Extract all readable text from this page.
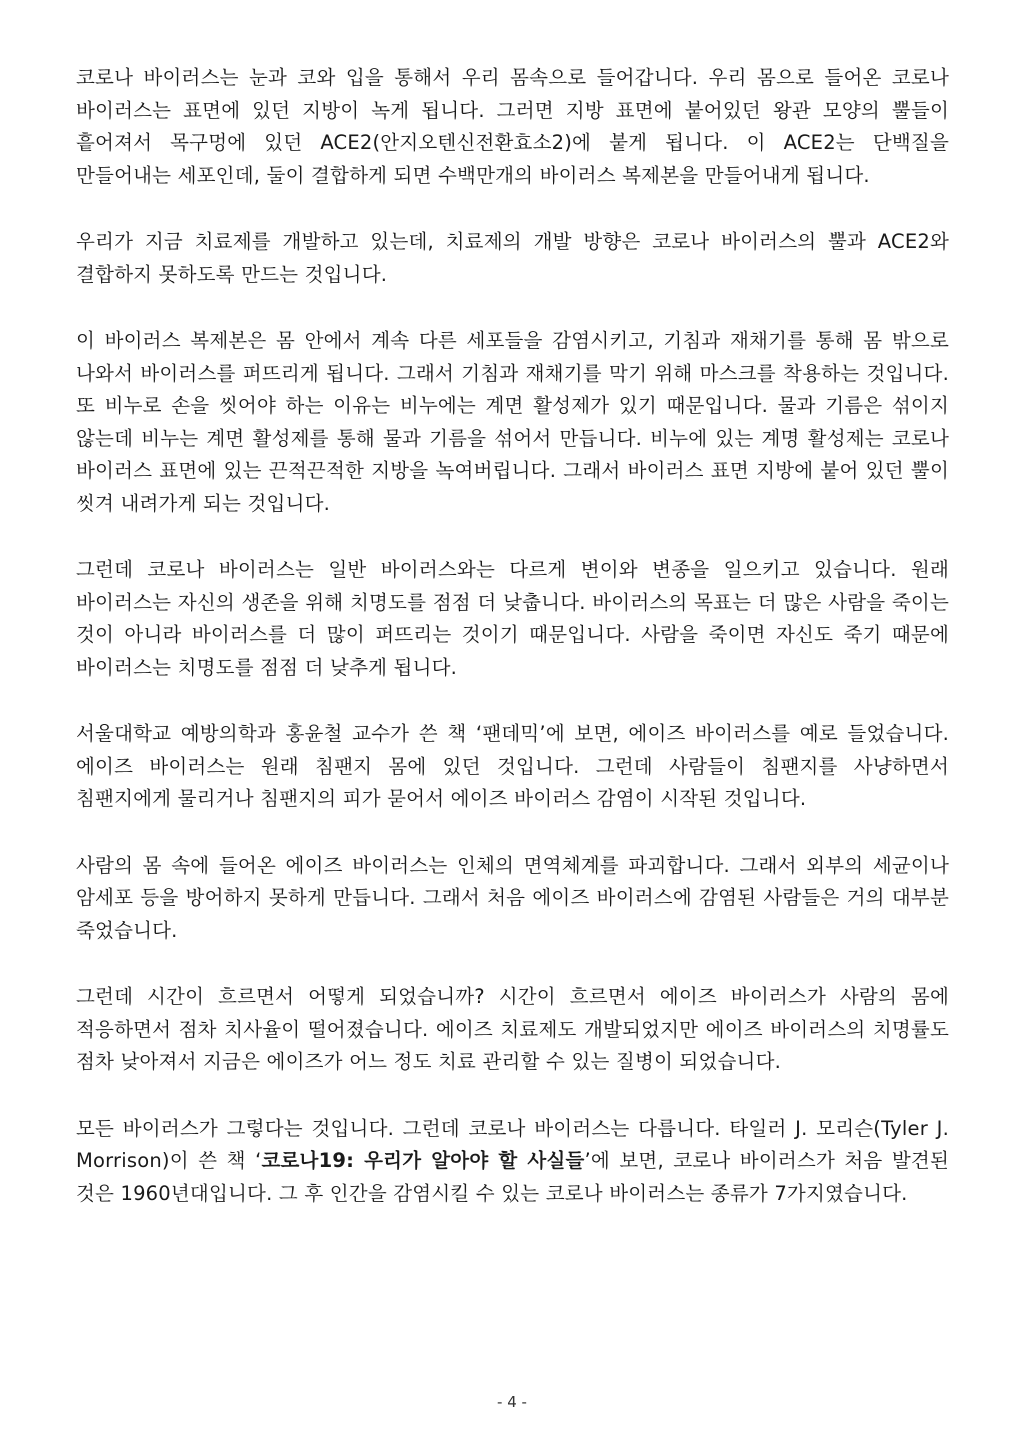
코로나 바이러스는 눈과 코와 입을 통해서 우리 몸속으로 들어갑니다. 우리 몸으로 들어온 코로나 바이러스는 표면에 있던 지방이 녹게 됩니다. 그러면 지방 표면에 붙어있던 왕관 모양의 뿔들이 흩어져서 목구멍에 있던 ACE2(안지오텐신전환효소2)에 붙게 됩니다. 이 ACE2는 단백질을 만들어내는 세포인데, 둘이 결합하게 되면 수백만개의 바이러스 복제본을 만들어내게 됩니다.

우리가 지금 치료제를 개발하고 있는데, 치료제의 개발 방향은 코로나 바이러스의 뿔과 ACE2와 결합하지 못하도록 만드는 것입니다.

이 바이러스 복제본은 몸 안에서 계속 다른 세포들을 감염시키고, 기침과 재채기를 통해 몸 밖으로 나와서 바이러스를 퍼뜨리게 됩니다. 그래서 기침과 재채기를 막기 위해 마스크를 착용하는 것입니다. 또 비누로 손을 씻어야 하는 이유는 비누에는 계면 활성제가 있기 때문입니다. 물과 기름은 섞이지 않는데 비누는 계면 활성제를 통해 물과 기름을 섞어서 만듭니다. 비누에 있는 계명 활성제는 코로나 바이러스 표면에 있는 끈적끈적한 지방을 녹여버립니다. 그래서 바이러스 표면 지방에 붙어 있던 뿔이 씻겨 내려가게 되는 것입니다.

그런데 코로나 바이러스는 일반 바이러스와는 다르게 변이와 변종을 일으키고 있습니다. 원래 바이러스는 자신의 생존을 위해 치명도를 점점 더 낮춥니다. 바이러스의 목표는 더 많은 사람을 죽이는 것이 아니라 바이러스를 더 많이 퍼뜨리는 것이기 때문입니다. 사람을 죽이면 자신도 죽기 때문에 바이러스는 치명도를 점점 더 낮추게 됩니다.

서울대학교 예방의학과 홍윤철 교수가 쓴 책 ‘팬데믹’에 보면, 에이즈 바이러스를 예로 들었습니다. 에이즈 바이러스는 원래 침팬지 몸에 있던 것입니다. 그런데 사람들이 침팬지를 사냥하면서 침팬지에게 물리거나 침팬지의 피가 묻어서 에이즈 바이러스 감염이 시작된 것입니다.

사람의 몸 속에 들어온 에이즈 바이러스는 인체의 면역체계를 파괴합니다. 그래서 외부의 세균이나 암세포 등을 방어하지 못하게 만듭니다. 그래서 처음 에이즈 바이러스에 감염된 사람들은 거의 대부분 죽었습니다.

그런데 시간이 흐르면서 어떻게 되었습니까? 시간이 흐르면서 에이즈 바이러스가 사람의 몸에 적응하면서 점차 치사율이 떨어졌습니다. 에이즈 치료제도 개발되었지만 에이즈 바이러스의 치명률도 점차 낮아져서 지금은 에이즈가 어느 정도 치료 관리할 수 있는 질병이 되었습니다.

모든 바이러스가 그렇다는 것입니다. 그런데 코로나 바이러스는 다릅니다. 타일러 J. 모리슨(Tyler J. Morrison)이 쓴 책 ‘코로나19: 우리가 알아야 할 사실들’에 보면, 코로나 바이러스가 처음 발견된 것은 1960년대입니다. 그 후 인간을 감염시킬 수 있는 코로나 바이러스는 종류가 7가지였습니다.

- 4 -
